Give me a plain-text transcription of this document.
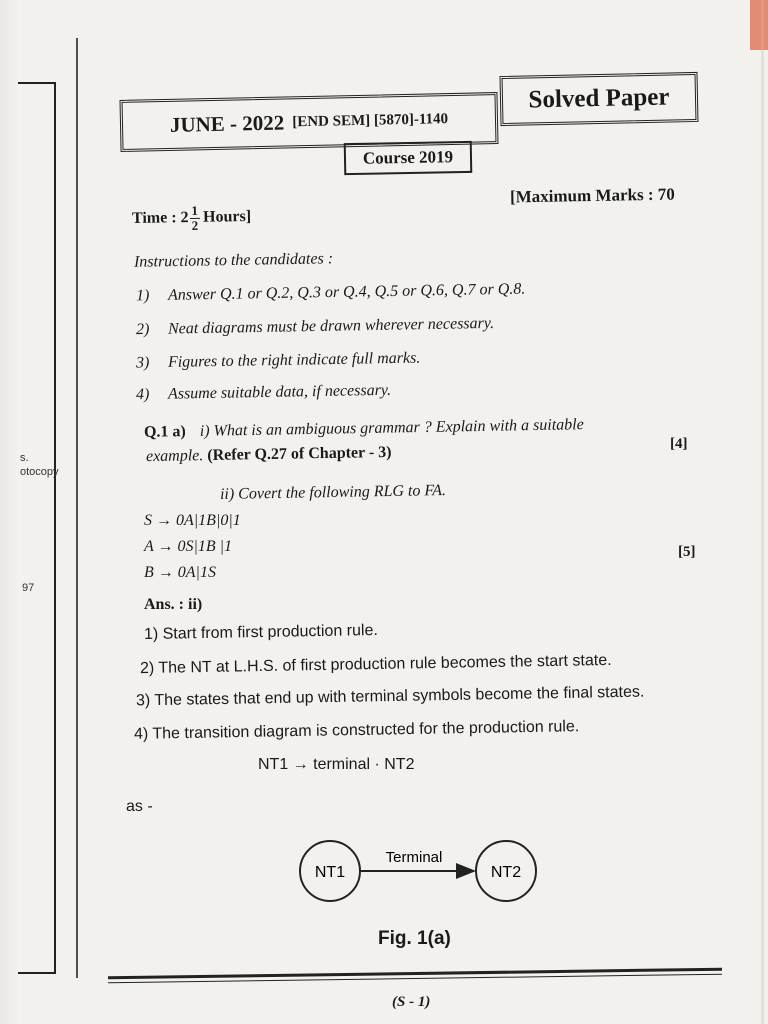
s.
otocopy
97
JUNE - 2022 [END SEM] [5870]-1140
Solved Paper
Course 2019
Time : $2 \frac{1}{2}$ Hours]
[Maximum Marks : 70
Instructions to the candidates :
1) Answer Q.1 or Q.2, Q.3 or Q.4, Q.5 or Q.6, Q.7 or Q.8.
2) Neat diagrams must be drawn wherever necessary.
3) Figures to the right indicate full marks.
4) Assume suitable data, if necessary.
Q.1 a) i) What is an ambiguous grammar ? Explain with a suitable
example. (Refer Q.27 of Chapter - 3)	[4]
ii) Covert the following RLG to FA.
S → 0A|1B|0|1
A → 0S|1B |1
B → 0A|1S
[5]
Ans. : ii)
1) Start from first production rule.
2) The NT at L.H.S. of first production rule becomes the start state.
3) The states that end up with terminal symbols become the final states.
4) The transition diagram is constructed for the production rule.
NT1 → terminal · NT2
as -
NT1	NT2
Terminal
Fig. 1(a)
(S - 1)
